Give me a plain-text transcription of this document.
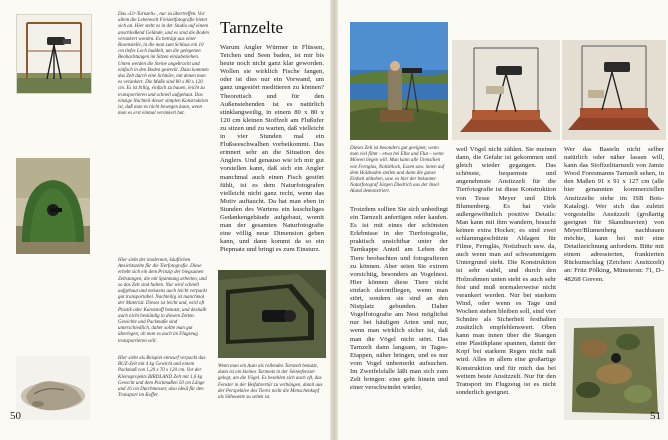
Das »Ur-Tarnzelt« , nur zu übertreffen. Vor allem die Lebenwelt Freizeitfotografie bietet sich an. Hier steht es in der Studio auf einem anschließend Gelände, und es sind die Boden verankert worden. Es beträgt aus einer Rosenstelle, in die man zum Schluss ein 10 cm tiefes Loch buddelt, um die gelegenen Beobachtungen im Sitzen einzubeziehen. Unten werden die Steine angebracht und einfach in den Boden gesteckt. Dazu kommen das Zelt durch eine Schnüre, mit denen man es verankert. Die Maße sind 80 x 80 x 120 cm. Es ist billig, einfach zu bauen, leicht zu transportieren und schnell aufgebaut. Das einzige Nachteil dieser simplen Konstruktion ist, daß man es nicht bewegen kann, wenn man es erst einmal verankert hat.

Hier sieht der modernen, käuflichen Ansichtszelte für die Tierfotografie. Diese erhebt sich ein dem Prinzip der biegsamen Zeltstangen, die mit Spannung arbeiten, und so das Zelt sind halten. Nur wird schnell aufgebaut und meistens auch leicht verpackt gut transportabel. Nachteilig ist manchmal der Material. Dieses ist leicht und, wird oft Plastik oder Kunststoff benutzt, und deshalb auch nicht beständig in diesem Zelten. Gewichte und Packmaße sind unterschiedlich, daher sollte man gut überlegen, ob man es auch im Flugzeug transportieren will.

Hier sieht als Beispiel entwurf verpackt das BUZ-Zelt mit 4 kg Gewicht und einem Packmaß von 1,20 x 70 x 120 cm. Vor der Kleinsprojekts BIRDLAND Zelt mit 1,6 kg Gewicht und dem Packmaßen 50 cm Länge und 16 cm Durchmesser, also ideal für den Transport im Koffer.

Tarnzelte

Warum Angler Würmer in Flüssen, Teichen und Seen baden, ist mir bis heute noch nicht ganz klar geworden. Wollen sie wirklich Fische fangen, oder ist dies nur ein Vorwand, um ganz ungestört meditieren zu können? Theoretisch und für den Außenstehenden ist es natürlich stinklangweilig, in einem 80 x 80 x 120 cm kleinen Stoffzelt am Flußufer zu sitzen und zu warten, daß vielleicht in vier Stunden mal ein Flußseeschwalben vorbeikommt. Das erinnert sehr an die Situation des Anglers. Und genauso wie ich mir gut vorstellen kann, daß sich ein Angler manchmal auch einen Fisch gestört fühlt, ist es dem Naturfotografen vielleicht nicht ganz recht, wenn das Motiv auftaucht. Da hat man eben in Stunden des Wartens ein kuscheliges Gedankengebäude aufgebaut, womit man der gesamten Naturfotografie eine völlig neue Dimension geben kann, und dann kommt da so ein Piepmatz und bringt es zum Einsturz.

Wenn man ein Auto als rollendes Tarnzelt benutzt, dann ist ein kleines Tarnnetz in der Seitenfenster gelegt, am die Vögel. Es besehlen sich auch oft, das Fenster in der Beifahrertür zu verhängen, damit aus der Perspektive des Tieres nicht die Menschenkopf als Silhouette zu sehen ist.

50

Dieses Zelt ist besonders gut geeignet, wenn man viel filmt – etwa bei Elbe und Flut – wenn Möwen liegen will. Man kann alle Utensilien wie Fernglas, Notizblock, Essen usw. innen auf dem Holzboden stellen und dann die ganze Einheit abheben, usw. es hier der bekannte Naturfotograf Jürgen Diedrich aus der Insel Aland demonstriert.

Trotzdem sollten Sie sich unbedingt ein Tarnzelt anfertigen oder kaufen. Es ist mit eines der schönsten Erlebnisse in der Tierfotografie, praktisch unsichtbar unter der Tarnkappe Anteil am Leben der Tiere beobachten und fotografieren zu können. Aber seien Sie extrem vorsichtig, besonders an Vogelnest. Hier können diese Tiere nicht einfach davonfliegen, wenn man stört, sondern sie sind an den Nistplatz gebunden. Daher Vogelfotografie am Nest möglichst nur bei häufigen Arten und nur, wenn man wirklich sicher ist, daß man die Vögel nicht stört. Das Tarnzelt dann langsam, in Tages-Etappen, näher bringen, und es nur vom Vogel unbemerkt aufsuchen. Im Zweifelsfalle läßt man sich zum Zelt bringen: eine geht hinein und einer verschwindet wieder,

weil Vögel nicht zählen. Sie meinen dann, die Gefahr ist gekommen und gleich wieder gegangen. Das schönste, bequemste und angenehmste Ansitzzelt für die Tierfotografie ist diese Konstruktion von Tesse Meyer und Dirk Blumenberg. Es hat viele außergewöhnlich positive Details: Man kann mit ihm wandern, braucht keinen extra Hocker, es sind zwei schlammgeschützte Ablagen für Filme, Ferngläs, Notizbuch usw. da, auch wenn man auf schwammigem Untergrund steht. Die Konstruktion ist sehr stabil, und durch den Holzrahmen unten steht es auch sehr fest und muß normalerweise nicht verankert werden. Nur bei starkem Wind, oder wenn es Tage und Wochen stehen bleiben soll, sind vier Schnüre als Sicherheit festhalten zusätzlich empfehlenswert. Oben kann man innen über die Stangen eine Plastikplane spannen, damit der Kopf bei starkem Regen nicht naß wird. Alles in allem eine großartige Konstruktion und für mich das bei weitem beste Ansitzzelt. Nur für den Transport im Flugzeug ist es nicht sonderlich geeignet.

Wer das Basteln nicht selber natürlich oder näher lassen will, kann das Stoffzelttarnzelt von Jamie Wood Foresmanns Tarnzelt sehen, in den Maßen 91 x 91 x 127 cm (alle hier genannten kommerziellen Ansitzzelte siehe im ISB Bots-Katalog). Wer sich das zuletzt vorgestellte Ansitzzelt (großartig geeignet für Skandinavien) von Meyer/Blumenberg nachbauen möchte, kann bei mir eine Detailzeichnung anfordern. Bitte mit einem adressierten, frankierten Rückumschlag (Zeichen: Ansitzzelt) an: Fritz Pölking, Münsterstr. 71, D–48268 Greven.

51
